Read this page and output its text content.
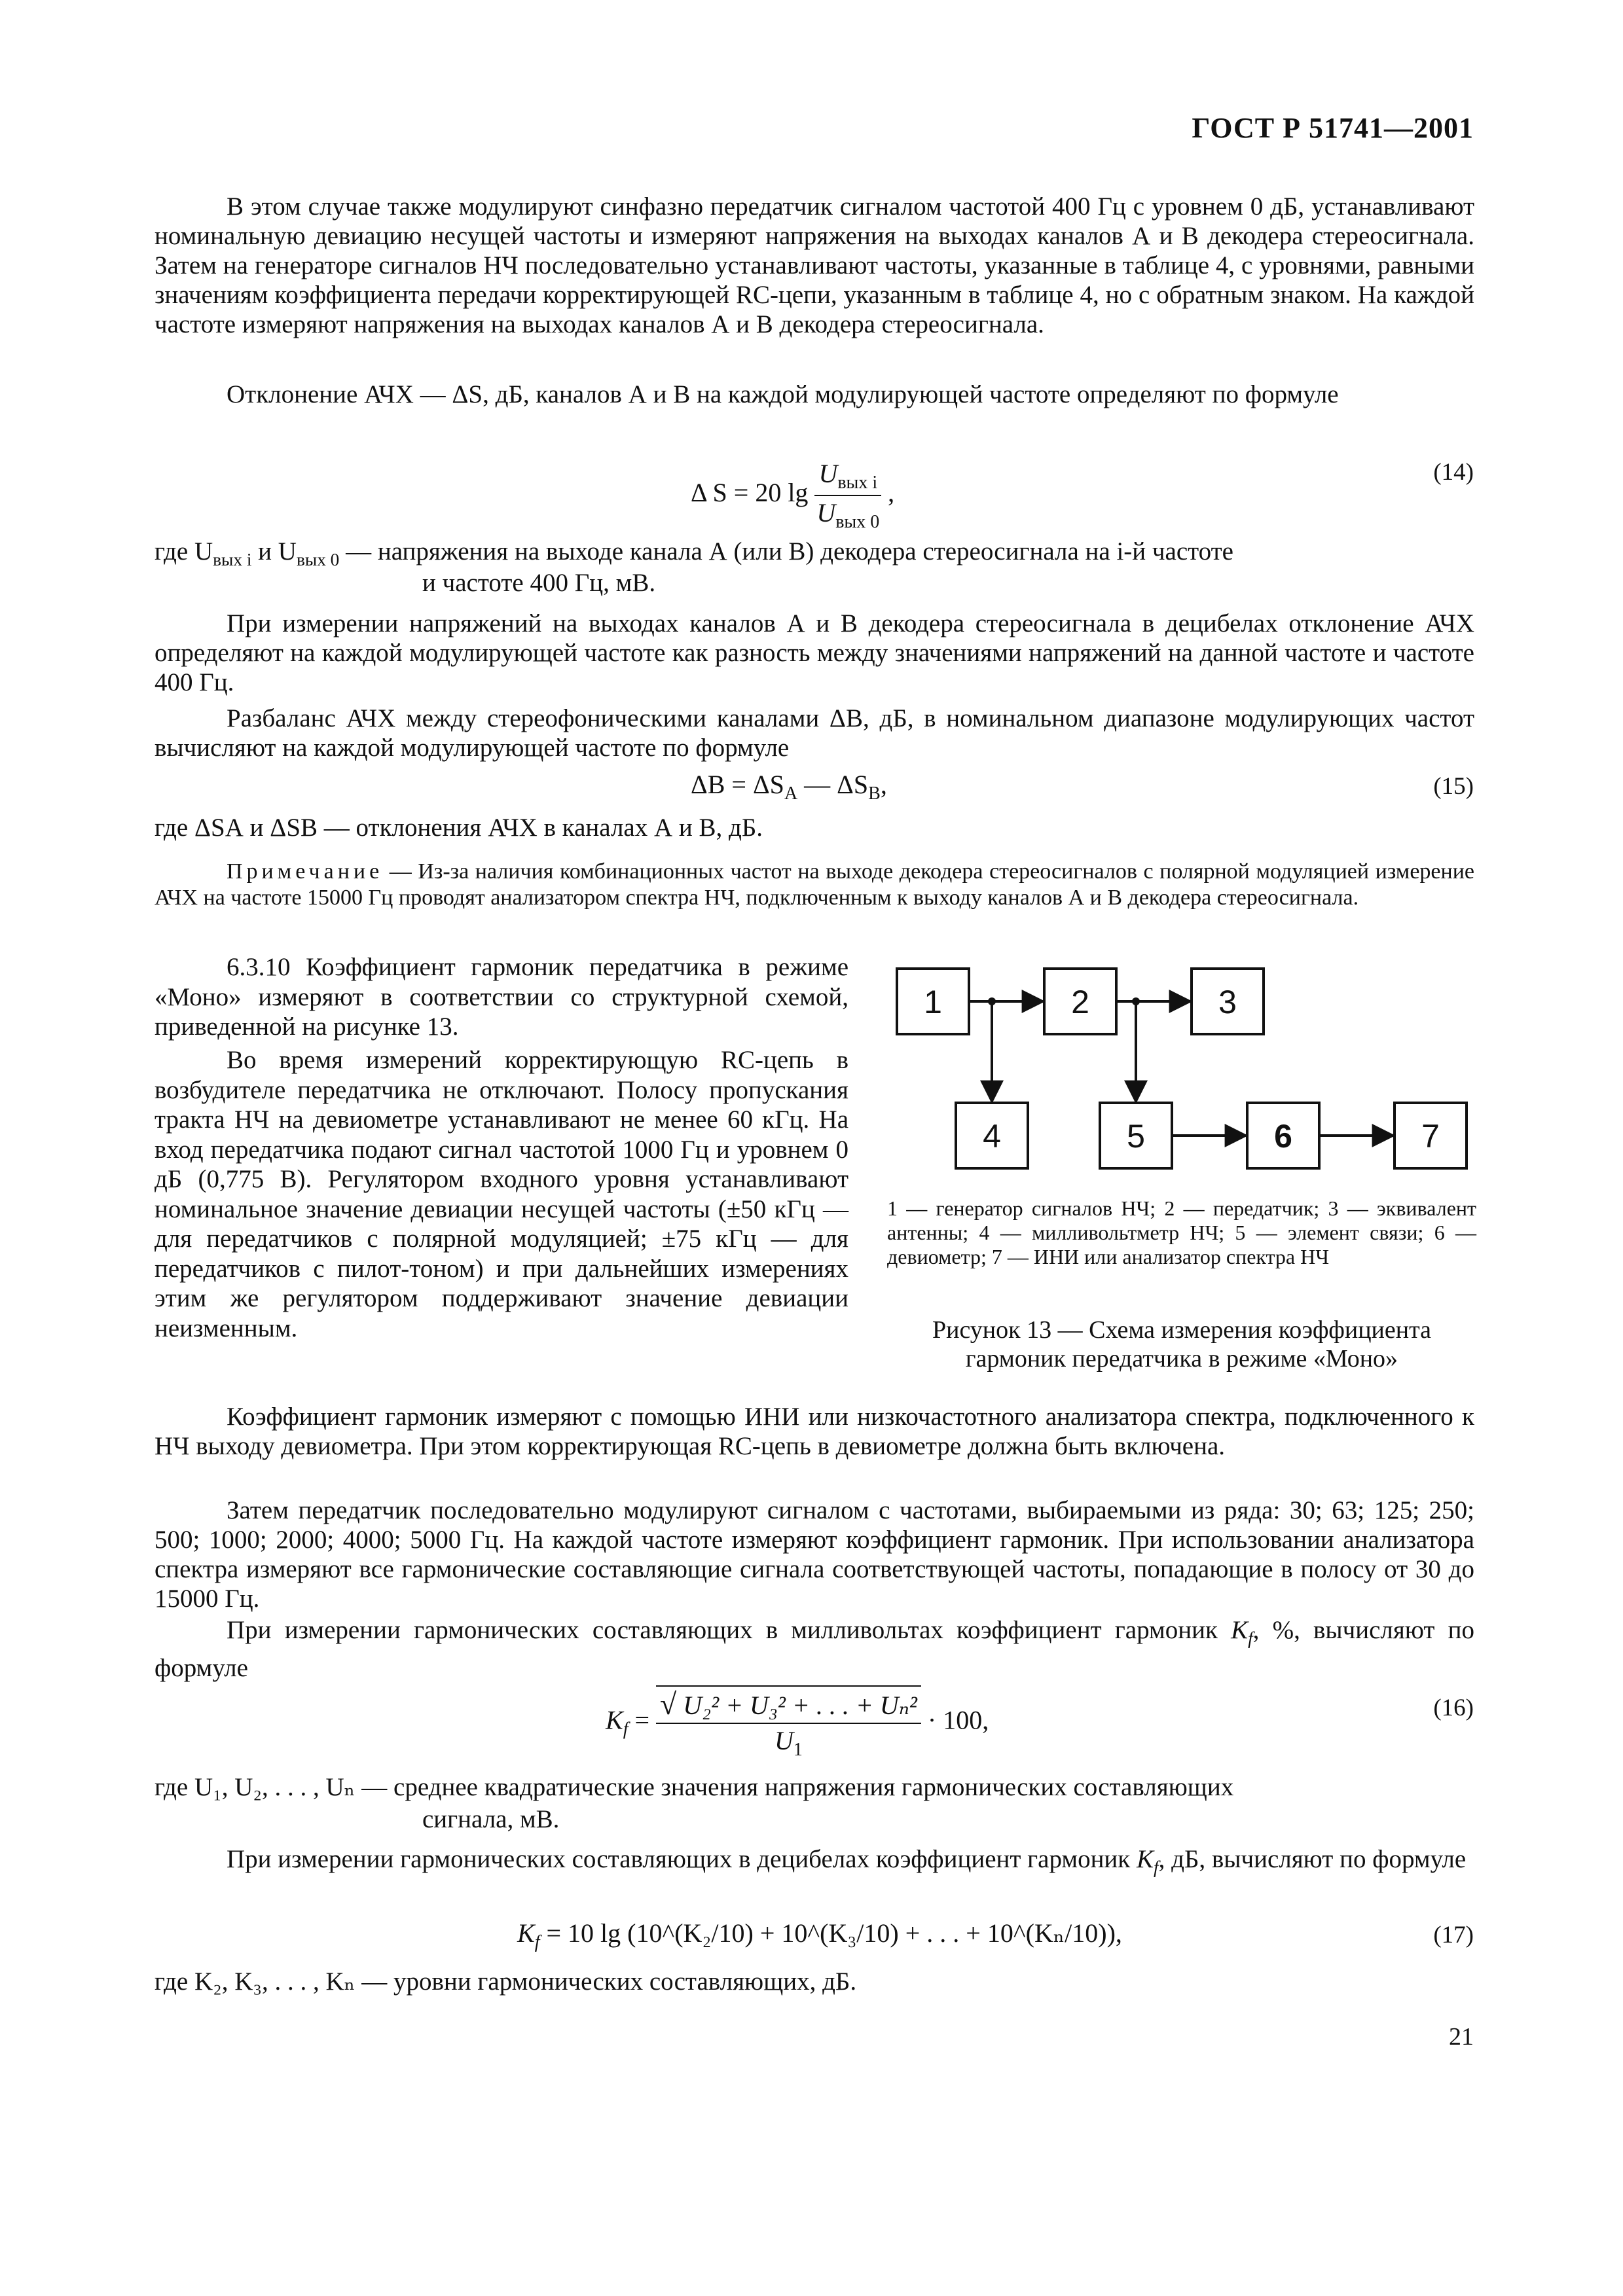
ГОСТ Р 51741—2001
В этом случае также модулируют синфазно передатчик сигналом частотой 400 Гц с уровнем 0 дБ, устанавливают номинальную девиацию несущей частоты и измеряют напряжения на выходах каналов А и В декодера стереосигнала. Затем на генераторе сигналов НЧ последовательно устанавливают частоты, указанные в таблице 4, с уровнями, равными значениям коэффициента передачи корректирующей RC-цепи, указанным в таблице 4, но с обратным знаком. На каждой частоте измеряют напряжения на выходах каналов А и В декодера стереосигнала.
Отклонение АЧХ — ΔS, дБ, каналов А и В на каждой модулирующей частоте определяют по формуле
Δ S = 20 $\lg \frac{U_{вых i}}{U_{вых 0}}$ ,
(14)
где $U_{вых i}$ и $U_{вых 0}$ — напряжения на выходе канала А (или В) декодера стереосигнала на i-й частоте
и частоте 400 Гц, мВ.
При измерении напряжений на выходах каналов А и В декодера стереосигнала в децибелах отклонение АЧХ определяют на каждой модулирующей частоте как разность между значениями напряжений на данной частоте и частоте 400 Гц.
Разбаланс АЧХ между стереофоническими каналами ΔВ, дБ, в номинальном диапазоне модулирующих частот вычисляют на каждой модулирующей частоте по формуле
$\Delta В = \Delta S_А$ — $\Delta S_В$,	(15)
где ΔSА и ΔSВ — отклонения АЧХ в каналах А и В, дБ.
Примечание — Из-за наличия комбинационных частот на выходе декодера стереосигналов с полярной модуляцией измерение АЧХ на частоте 15000 Гц проводят анализатором спектра НЧ, подключенным к выходу каналов А и В декодера стереосигнала.
6.3.10 Коэффициент гармоник передатчика в режиме «Моно» измеряют в соответствии со структурной схемой, приведенной на рисунке 13.
Во время измерений корректирующую RC-цепь в возбудителе передатчика не отключают. Полосу пропускания тракта НЧ на девиометре устанавливают не менее 60 кГц. На вход передатчика подают сигнал частотой 1000 Гц и уровнем 0 дБ (0,775 В). Регулятором входного уровня устанавливают номинальное значение девиации несущей частоты (±50 кГц — для передатчиков с полярной модуляцией; ±75 кГц — для передатчиков с пилот-тоном) и при дальнейших измерениях этим же регулятором поддерживают значение девиации неизменным.
1	2	3
4	5	6	7
1 — генератор сигналов НЧ; 2 — передатчик; 3 — эквивалент антенны; 4 — милливольтметр НЧ; 5 — элемент связи; 6 — девиометр; 7 — ИНИ или анализатор спектра НЧ
Рисунок 13 — Схема измерения коэффициента гармоник передатчика в режиме «Моно»
Коэффициент гармоник измеряют с помощью ИНИ или низкочастотного анализатора спектра, подключенного к НЧ выходу девиометра. При этом корректирующая RC-цепь в девиометре должна быть включена.
Затем передатчик последовательно модулируют сигналом с частотами, выбираемыми из ряда: 30; 63; 125; 250; 500; 1000; 2000; 4000; 5000 Гц. На каждой частоте измеряют коэффициент гармоник. При использовании анализатора спектра измеряют все гармонические составляющие сигнала соответствующей частоты, попадающие в полосу от 30 до 15000 Гц.
При измерении гармонических составляющих в милливольтах коэффициент гармоник $K_f$, %, вычисляют по формуле
$K_f = \frac{\text{√ U₂² + U₃² + . . . + Uₙ²}}{U_1} \cdot 100$,	(16)
где U₁, U₂, . . . , Uₙ — среднее квадратические значения напряжения гармонических составляющих
сигнала, мВ.
При измерении гармонических составляющих в децибелах коэффициент гармоник $K_f$, дБ, вычисляют по формуле
$K_f = 10$ lg (10^(K₂/10) + 10^(K₃/10) + . . . + 10^(Kₙ/10)),	(17)
где K₂, K₃, . . . , Kₙ — уровни гармонических составляющих, дБ.
21
